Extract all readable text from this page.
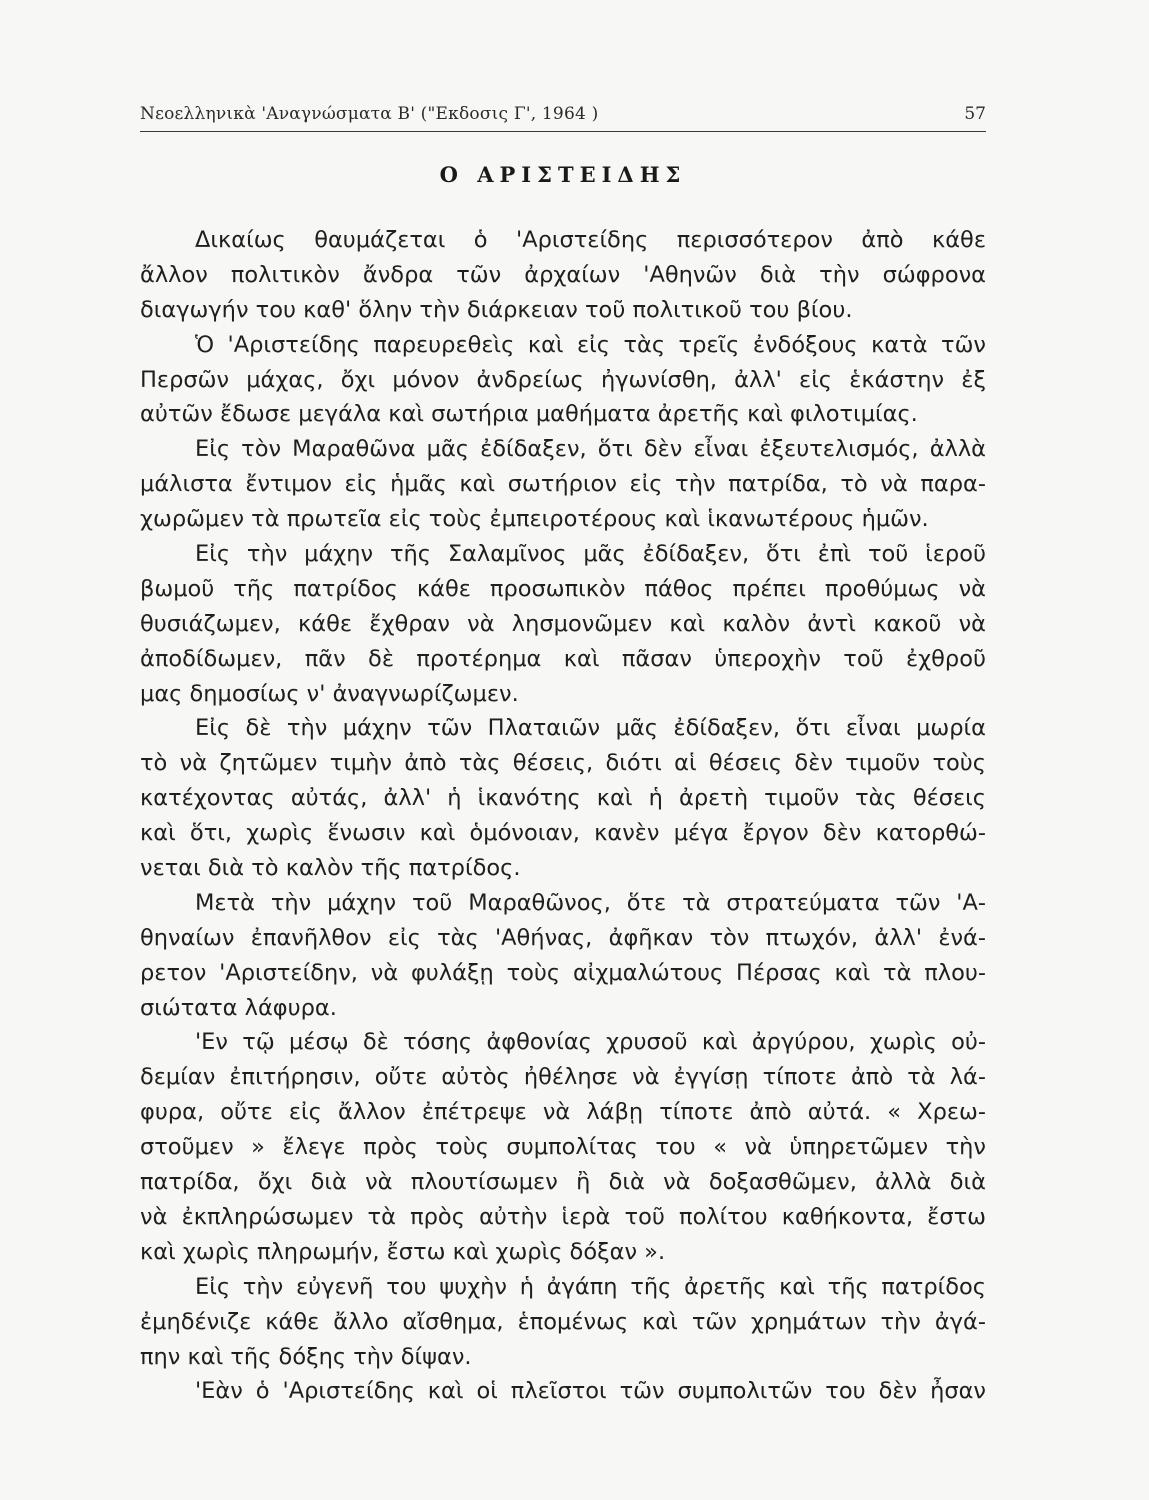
Νεοελληνικὰ 'Αναγνώσματα Β' ("Εκδοσις Γ', 1964 )	57
Ο ΑΡΙΣΤΕΙΔΗΣ
Δικαίως θαυμάζεται ὁ 'Αριστείδης περισσότερον ἀπὸ κάθε
ἄλλον πολιτικὸν ἄνδρα τῶν ἀρχαίων 'Αθηνῶν διὰ τὴν σώφρονα
διαγωγήν του καθ' ὅλην τὴν διάρκειαν τοῦ πολιτικοῦ του βίου.
Ὁ 'Αριστείδης παρευρεθεὶς καὶ εἰς τὰς τρεῖς ἐνδόξους κατὰ τῶν
Περσῶν μάχας, ὄχι μόνον ἀνδρείως ἠγωνίσθη, ἀλλ' εἰς ἑκάστην ἐξ
αὐτῶν ἔδωσε μεγάλα καὶ σωτήρια μαθήματα ἀρετῆς καὶ φιλοτιμίας.
Εἰς τὸν Μαραθῶνα μᾶς ἐδίδαξεν, ὅτι δὲν εἶναι ἐξευτελισμός, ἀλλὰ
μάλιστα ἔντιμον εἰς ἡμᾶς καὶ σωτήριον εἰς τὴν πατρίδα, τὸ νὰ παρα-
χωρῶμεν τὰ πρωτεῖα εἰς τοὺς ἐμπειροτέρους καὶ ἱκανωτέρους ἡμῶν.
Εἰς τὴν μάχην τῆς Σαλαμῖνος μᾶς ἐδίδαξεν, ὅτι ἐπὶ τοῦ ἱεροῦ
βωμοῦ τῆς πατρίδος κάθε προσωπικὸν πάθος πρέπει προθύμως νὰ
θυσιάζωμεν, κάθε ἔχθραν νὰ λησμονῶμεν καὶ καλὸν ἀντὶ κακοῦ νὰ
ἀποδίδωμεν, πᾶν δὲ προτέρημα καὶ πᾶσαν ὑπεροχὴν τοῦ ἐχθροῦ
μας δημοσίως ν' ἀναγνωρίζωμεν.
Εἰς δὲ τὴν μάχην τῶν Πλαταιῶν μᾶς ἐδίδαξεν, ὅτι εἶναι μωρία
τὸ νὰ ζητῶμεν τιμὴν ἀπὸ τὰς θέσεις, διότι αἱ θέσεις δὲν τιμοῦν τοὺς
κατέχοντας αὐτάς, ἀλλ' ἡ ἱκανότης καὶ ἡ ἀρετὴ τιμοῦν τὰς θέσεις
καὶ ὅτι, χωρὶς ἕνωσιν καὶ ὁμόνοιαν, κανὲν μέγα ἔργον δὲν κατορθώ-
νεται διὰ τὸ καλὸν τῆς πατρίδος.
Μετὰ τὴν μάχην τοῦ Μαραθῶνος, ὅτε τὰ στρατεύματα τῶν 'Α-
θηναίων ἐπανῆλθον εἰς τὰς 'Αθήνας, ἀφῆκαν τὸν πτωχόν, ἀλλ' ἐνά-
ρετον 'Αριστείδην, νὰ φυλάξῃ τοὺς αἰχμαλώτους Πέρσας καὶ τὰ πλου-
σιώτατα λάφυρα.
'Εν τῷ μέσῳ δὲ τόσης ἀφθονίας χρυσοῦ καὶ ἀργύρου, χωρὶς οὐ-
δεμίαν ἐπιτήρησιν, οὔτε αὐτὸς ἠθέλησε νὰ ἐγγίσῃ τίποτε ἀπὸ τὰ λά-
φυρα, οὔτε εἰς ἄλλον ἐπέτρεψε νὰ λάβῃ τίποτε ἀπὸ αὐτά. « Χρεω-
στοῦμεν » ἔλεγε πρὸς τοὺς συμπολίτας του « νὰ ὑπηρετῶμεν τὴν
πατρίδα, ὄχι διὰ νὰ πλουτίσωμεν ἢ διὰ νὰ δοξασθῶμεν, ἀλλὰ διὰ
νὰ ἐκπληρώσωμεν τὰ πρὸς αὐτὴν ἱερὰ τοῦ πολίτου καθήκοντα, ἔστω
καὶ χωρὶς πληρωμήν, ἔστω καὶ χωρὶς δόξαν ».
Εἰς τὴν εὐγενῆ του ψυχὴν ἡ ἀγάπη τῆς ἀρετῆς καὶ τῆς πατρίδος
ἐμηδένιζε κάθε ἄλλο αἴσθημα, ἑπομένως καὶ τῶν χρημάτων τὴν ἀγά-
πην καὶ τῆς δόξης τὴν δίψαν.
'Εὰν ὁ 'Αριστείδης καὶ οἱ πλεῖστοι τῶν συμπολιτῶν του δὲν ἦσαν
